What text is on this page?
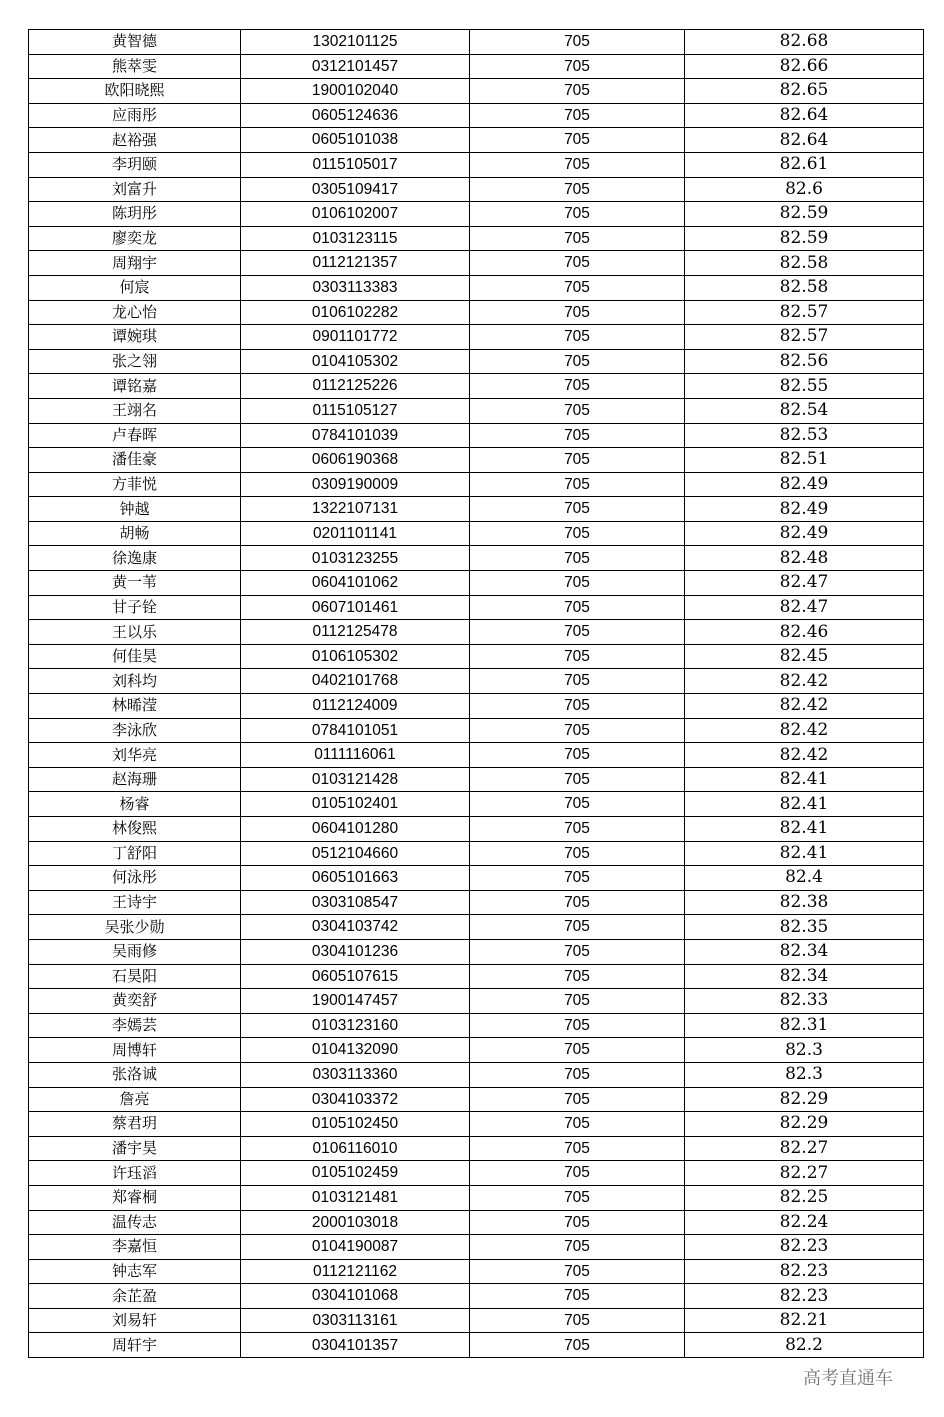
黄智德	1302101125	705	82.68
熊萃雯	0312101457	705	82.66
欧阳晓熙	1900102040	705	82.65
应雨彤	0605124636	705	82.64
赵裕强	0605101038	705	82.64
李玥颐	0115105017	705	82.61
刘富升	0305109417	705	82.6
陈玥彤	0106102007	705	82.59
廖奕龙	0103123115	705	82.59
周翔宇	0112121357	705	82.58
何宸	0303113383	705	82.58
龙心怡	0106102282	705	82.57
谭婉琪	0901101772	705	82.57
张之翎	0104105302	705	82.56
谭铭嘉	0112125226	705	82.55
王翊名	0115105127	705	82.54
卢春晖	0784101039	705	82.53
潘佳豪	0606190368	705	82.51
方菲悦	0309190009	705	82.49
钟越	1322107131	705	82.49
胡畅	0201101141	705	82.49
徐逸康	0103123255	705	82.48
黄一苇	0604101062	705	82.47
甘子铨	0607101461	705	82.47
王以乐	0112125478	705	82.46
何佳昊	0106105302	705	82.45
刘科均	0402101768	705	82.42
林晞滢	0112124009	705	82.42
李泳欣	0784101051	705	82.42
刘华亮	0111116061	705	82.42
赵海珊	0103121428	705	82.41
杨睿	0105102401	705	82.41
林俊熙	0604101280	705	82.41
丁舒阳	0512104660	705	82.41
何泳彤	0605101663	705	82.4
王诗宇	0303108547	705	82.38
吴张少勋	0304103742	705	82.35
吴雨修	0304101236	705	82.34
石昊阳	0605107615	705	82.34
黄奕舒	1900147457	705	82.33
李嫣芸	0103123160	705	82.31
周博轩	0104132090	705	82.3
张洛诚	0303113360	705	82.3
詹亮	0304103372	705	82.29
蔡君玥	0105102450	705	82.29
潘宇昊	0106116010	705	82.27
许珏滔	0105102459	705	82.27
郑睿桐	0103121481	705	82.25
温传志	2000103018	705	82.24
李嘉恒	0104190087	705	82.23
钟志军	0112121162	705	82.23
余芷盈	0304101068	705	82.23
刘易轩	0303113161	705	82.21
周轩宇	0304101357	705	82.2
高考直通车
